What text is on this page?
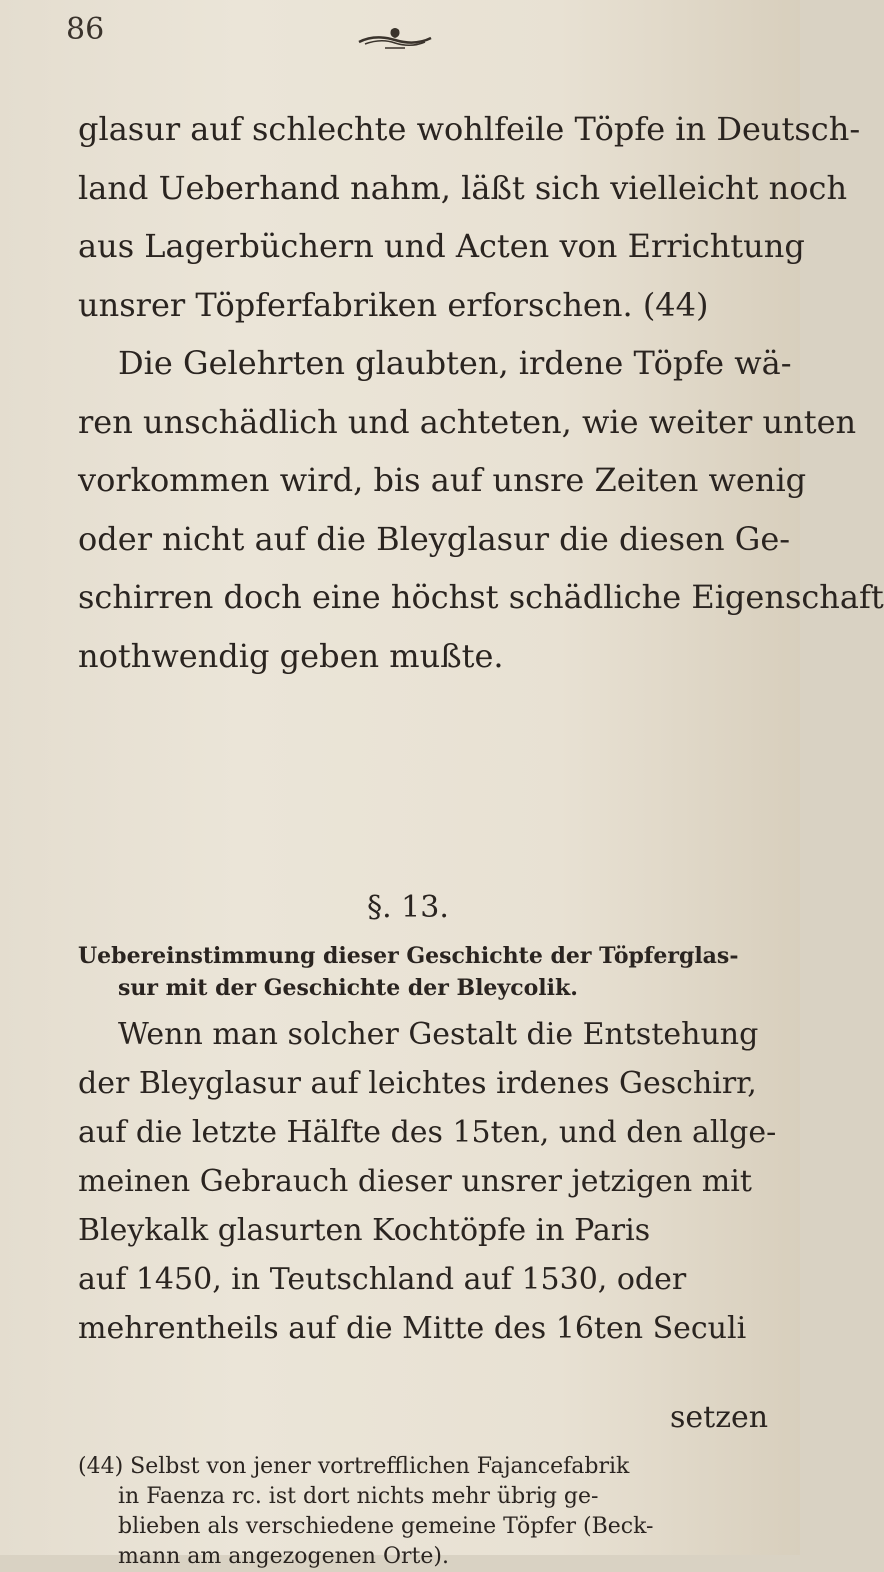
86
glasur auf schlechte wohlfeile Töpfe in Deutsch-
land Ueberhand nahm, läßt sich vielleicht noch
aus Lagerbüchern und Acten von Errichtung
unsrer Töpferfabriken erforschen. (44)
Die Gelehrten glaubten, irdene Töpfe wä-
ren unschädlich und achteten, wie weiter unten
vorkommen wird, bis auf unsre Zeiten wenig
oder nicht auf die Bleyglasur die diesen Ge-
schirren doch eine höchst schädliche Eigenschaft
nothwendig geben mußte.
§. 13.
Uebereinstimmung dieser Geschichte der Töpferglas-
sur mit der Geschichte der Bleycolik.
Wenn man solcher Gestalt die Entstehung
der Bleyglasur auf leichtes irdenes Geschirr,
auf die letzte Hälfte des 15ten, und den allge-
meinen Gebrauch dieser unsrer jetzigen mit
Bleykalk glasurten Kochtöpfe in Paris
auf 1450, in Teutschland auf 1530, oder
mehrentheils auf die Mitte des 16ten Seculi
setzen
(44) Selbst von jener vortrefflichen Fajancefabrik
in Faenza rc. ist dort nichts mehr übrig ge-
blieben als verschiedene gemeine Töpfer (Beck-
mann am angezogenen Orte).
